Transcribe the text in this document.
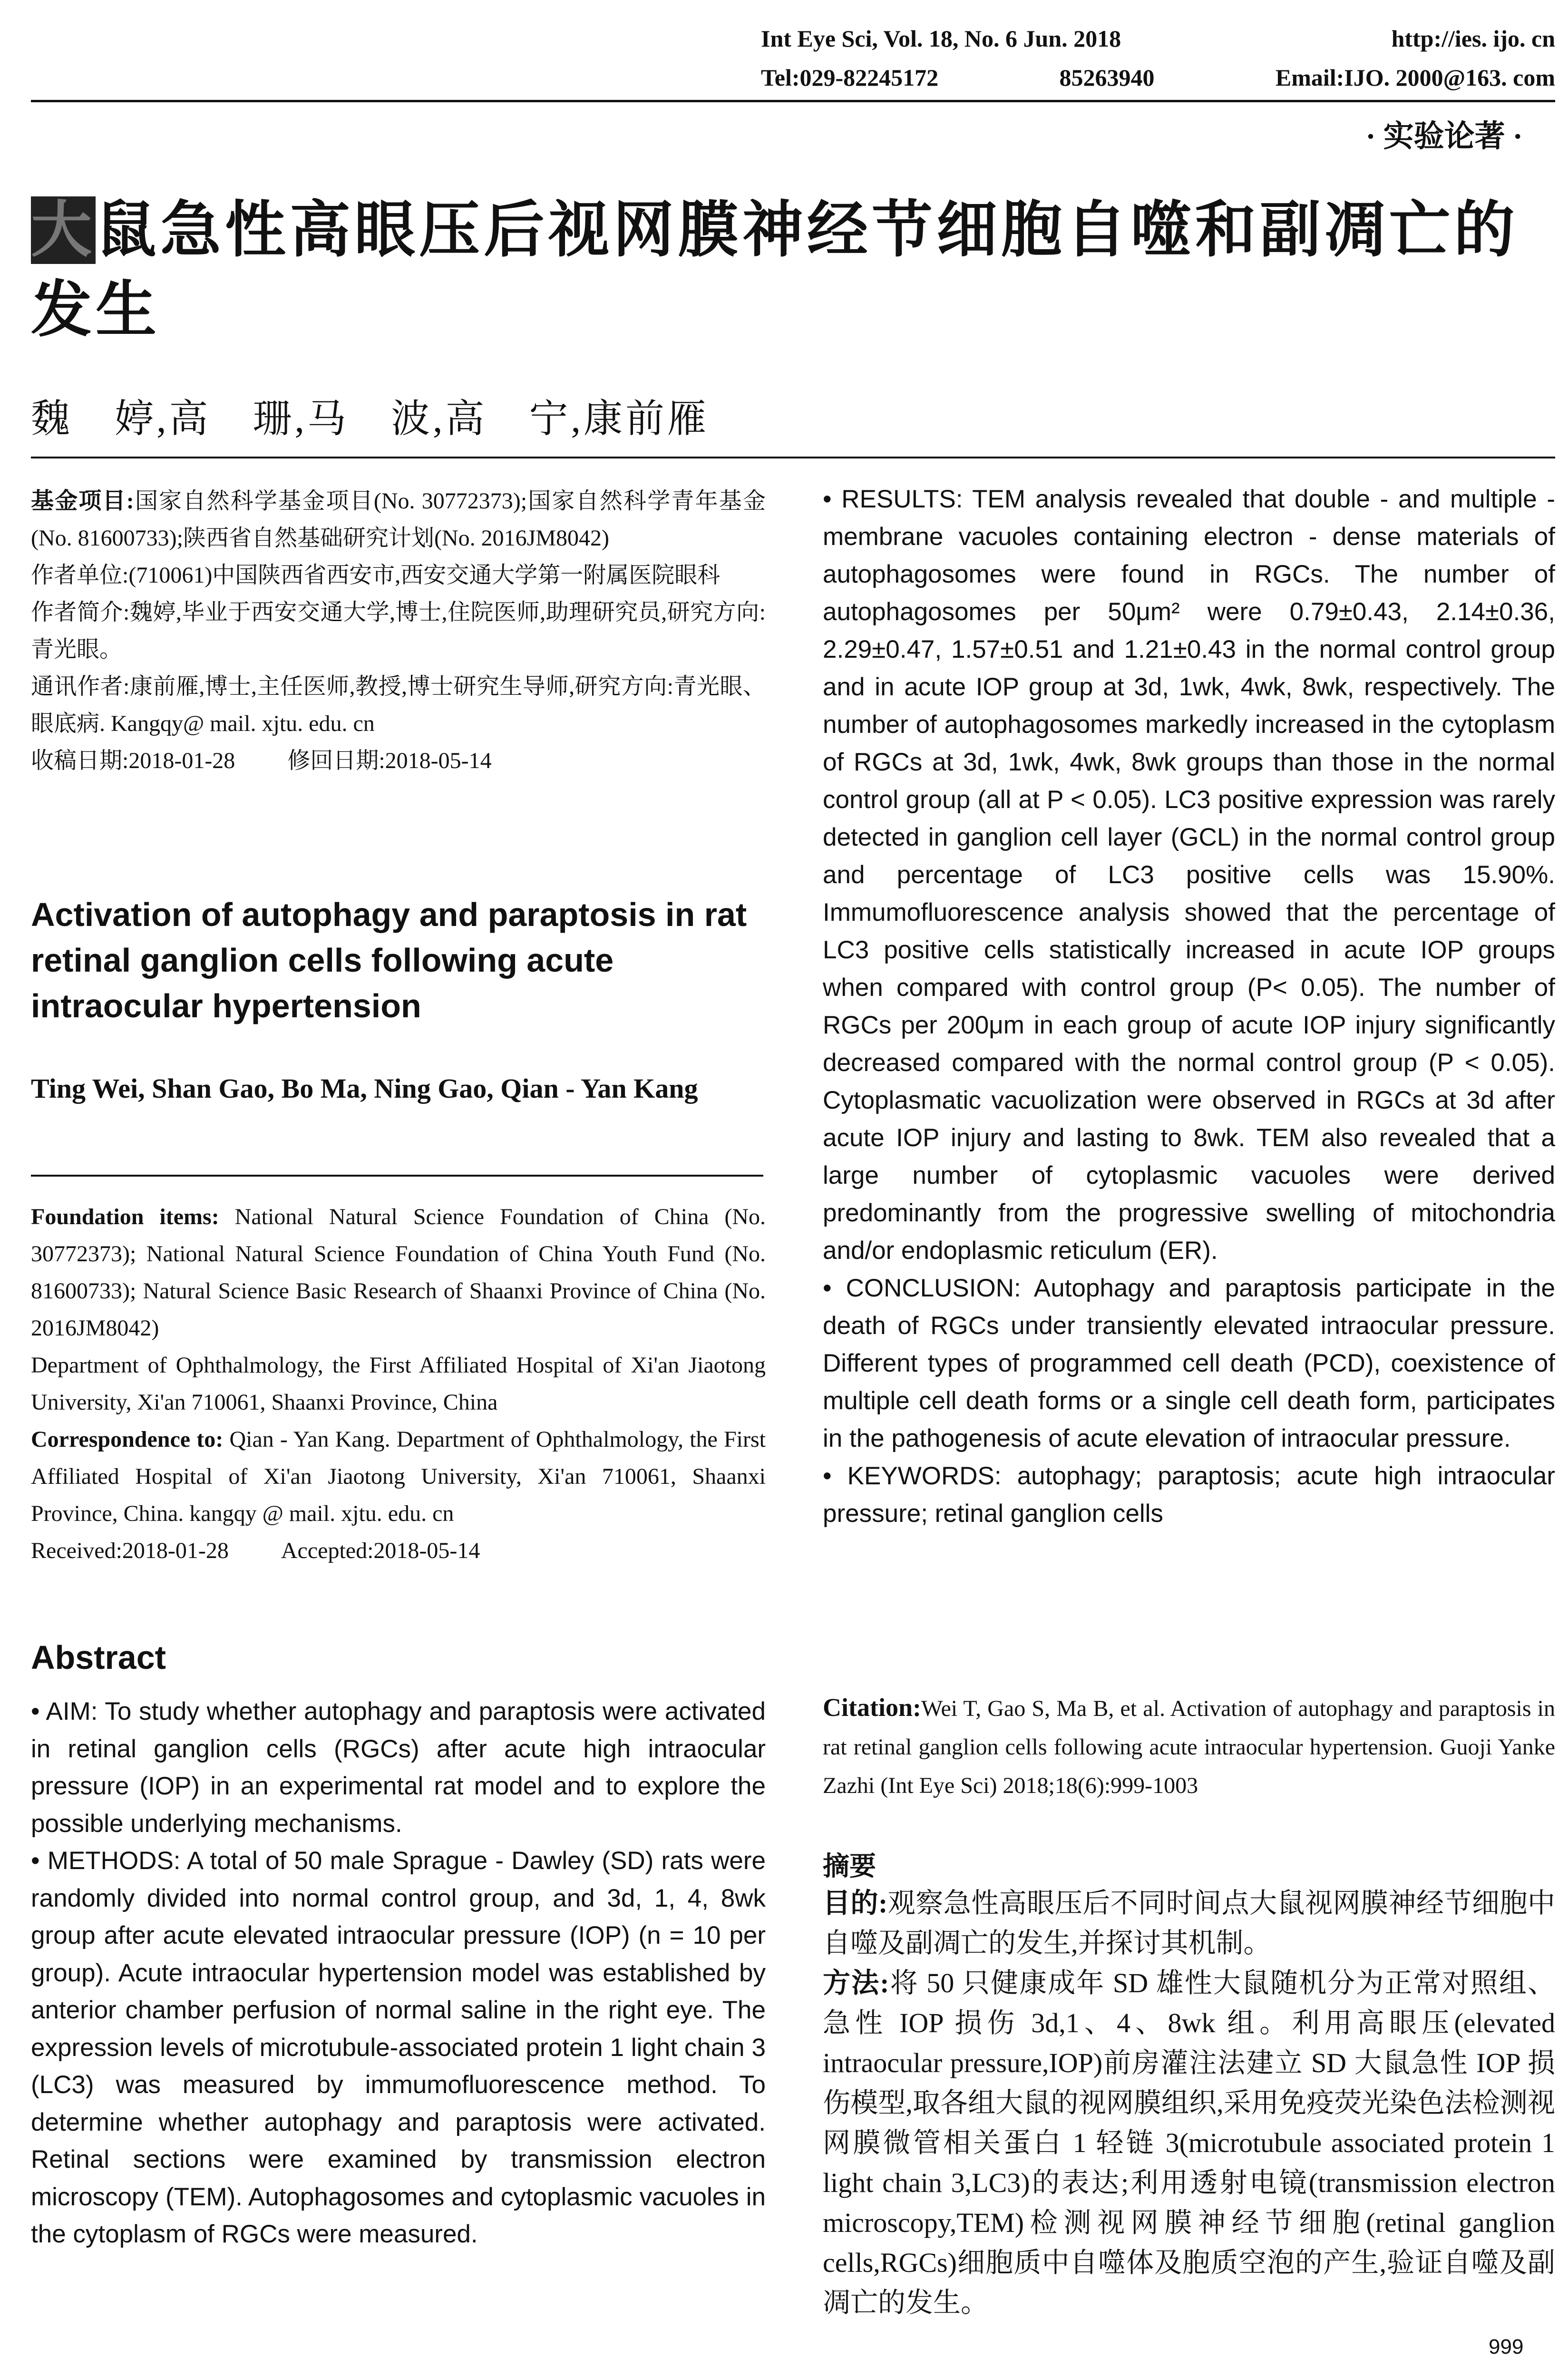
Int Eye Sci, Vol. 18, No. 6 Jun. 2018	http://ies. ijo. cn
Tel:029-82245172	85263940	Email:IJO. 2000@163. com
· 实验论著 ·
大鼠急性高眼压后视网膜神经节细胞自噬和副凋亡的发生
魏　婷,高　珊,马　波,高　宁,康前雁

基金项目:国家自然科学基金项目(No. 30772373);国家自然科学青年基金(No. 81600733);陕西省自然基础研究计划(No. 2016JM8042)

作者单位:(710061)中国陕西省西安市,西安交通大学第一附属医院眼科

作者简介:魏婷,毕业于西安交通大学,博士,住院医师,助理研究员,研究方向:青光眼。

通讯作者:康前雁,博士,主任医师,教授,博士研究生导师,研究方向:青光眼、眼底病. Kangqy@ mail. xjtu. edu. cn

收稿日期:2018-01-28 修回日期:2018-05-14

Activation of autophagy and paraptosis in rat retinal ganglion cells following acute intraocular hypertension
Ting Wei, Shan Gao, Bo Ma, Ning Gao, Qian - Yan Kang

Foundation items: National Natural Science Foundation of China (No. 30772373); National Natural Science Foundation of China Youth Fund (No. 81600733); Natural Science Basic Research of Shaanxi Province of China (No. 2016JM8042)

Department of Ophthalmology, the First Affiliated Hospital of Xi'an Jiaotong University, Xi'an 710061, Shaanxi Province, China

Correspondence to: Qian - Yan Kang. Department of Ophthalmology, the First Affiliated Hospital of Xi'an Jiaotong University, Xi'an 710061, Shaanxi Province, China. kangqy @ mail. xjtu. edu. cn

Received:2018-01-28 Accepted:2018-05-14

Abstract

• AIM: To study whether autophagy and paraptosis were activated in retinal ganglion cells (RGCs) after acute high intraocular pressure (IOP) in an experimental rat model and to explore the possible underlying mechanisms.

• METHODS: A total of 50 male Sprague - Dawley (SD) rats were randomly divided into normal control group, and 3d, 1, 4, 8wk group after acute elevated intraocular pressure (IOP) (n = 10 per group). Acute intraocular hypertension model was established by anterior chamber perfusion of normal saline in the right eye. The expression levels of microtubule-associated protein 1 light chain 3 (LC3) was measured by immumofluorescence method. To determine whether autophagy and paraptosis were activated. Retinal sections were examined by transmission electron microscopy (TEM). Autophagosomes and cytoplasmic vacuoles in the cytoplasm of RGCs were measured.

• RESULTS: TEM analysis revealed that double - and multiple - membrane vacuoles containing electron - dense materials of autophagosomes were found in RGCs. The number of autophagosomes per 50μm² were 0.79±0.43, 2.14±0.36, 2.29±0.47, 1.57±0.51 and 1.21±0.43 in the normal control group and in acute IOP group at 3d, 1wk, 4wk, 8wk, respectively. The number of autophagosomes markedly increased in the cytoplasm of RGCs at 3d, 1wk, 4wk, 8wk groups than those in the normal control group (all at P < 0.05). LC3 positive expression was rarely detected in ganglion cell layer (GCL) in the normal control group and percentage of LC3 positive cells was 15.90%. Immumofluorescence analysis showed that the percentage of LC3 positive cells statistically increased in acute IOP groups when compared with control group (P< 0.05). The number of RGCs per 200μm in each group of acute IOP injury significantly decreased compared with the normal control group (P < 0.05). Cytoplasmatic vacuolization were observed in RGCs at 3d after acute IOP injury and lasting to 8wk. TEM also revealed that a large number of cytoplasmic vacuoles were derived predominantly from the progressive swelling of mitochondria and/or endoplasmic reticulum (ER).

• CONCLUSION: Autophagy and paraptosis participate in the death of RGCs under transiently elevated intraocular pressure. Different types of programmed cell death (PCD), coexistence of multiple cell death forms or a single cell death form, participates in the pathogenesis of acute elevation of intraocular pressure.

• KEYWORDS: autophagy; paraptosis; acute high intraocular pressure; retinal ganglion cells

Citation:Wei T, Gao S, Ma B, et al. Activation of autophagy and paraptosis in rat retinal ganglion cells following acute intraocular hypertension. Guoji Yanke Zazhi (Int Eye Sci) 2018;18(6):999-1003
摘要

目的:观察急性高眼压后不同时间点大鼠视网膜神经节细胞中自噬及副凋亡的发生,并探讨其机制。

方法:将 50 只健康成年 SD 雄性大鼠随机分为正常对照组、急性 IOP 损伤 3d,1、4、8wk 组。利用高眼压(elevated intraocular pressure,IOP)前房灌注法建立 SD 大鼠急性 IOP 损伤模型,取各组大鼠的视网膜组织,采用免疫荧光染色法检测视网膜微管相关蛋白 1 轻链 3(microtubule associated protein 1 light chain 3,LC3)的表达;利用透射电镜(transmission electron microscopy,TEM)检测视网膜神经节细胞(retinal ganglion cells,RGCs)细胞质中自噬体及胞质空泡的产生,验证自噬及副凋亡的发生。

999
